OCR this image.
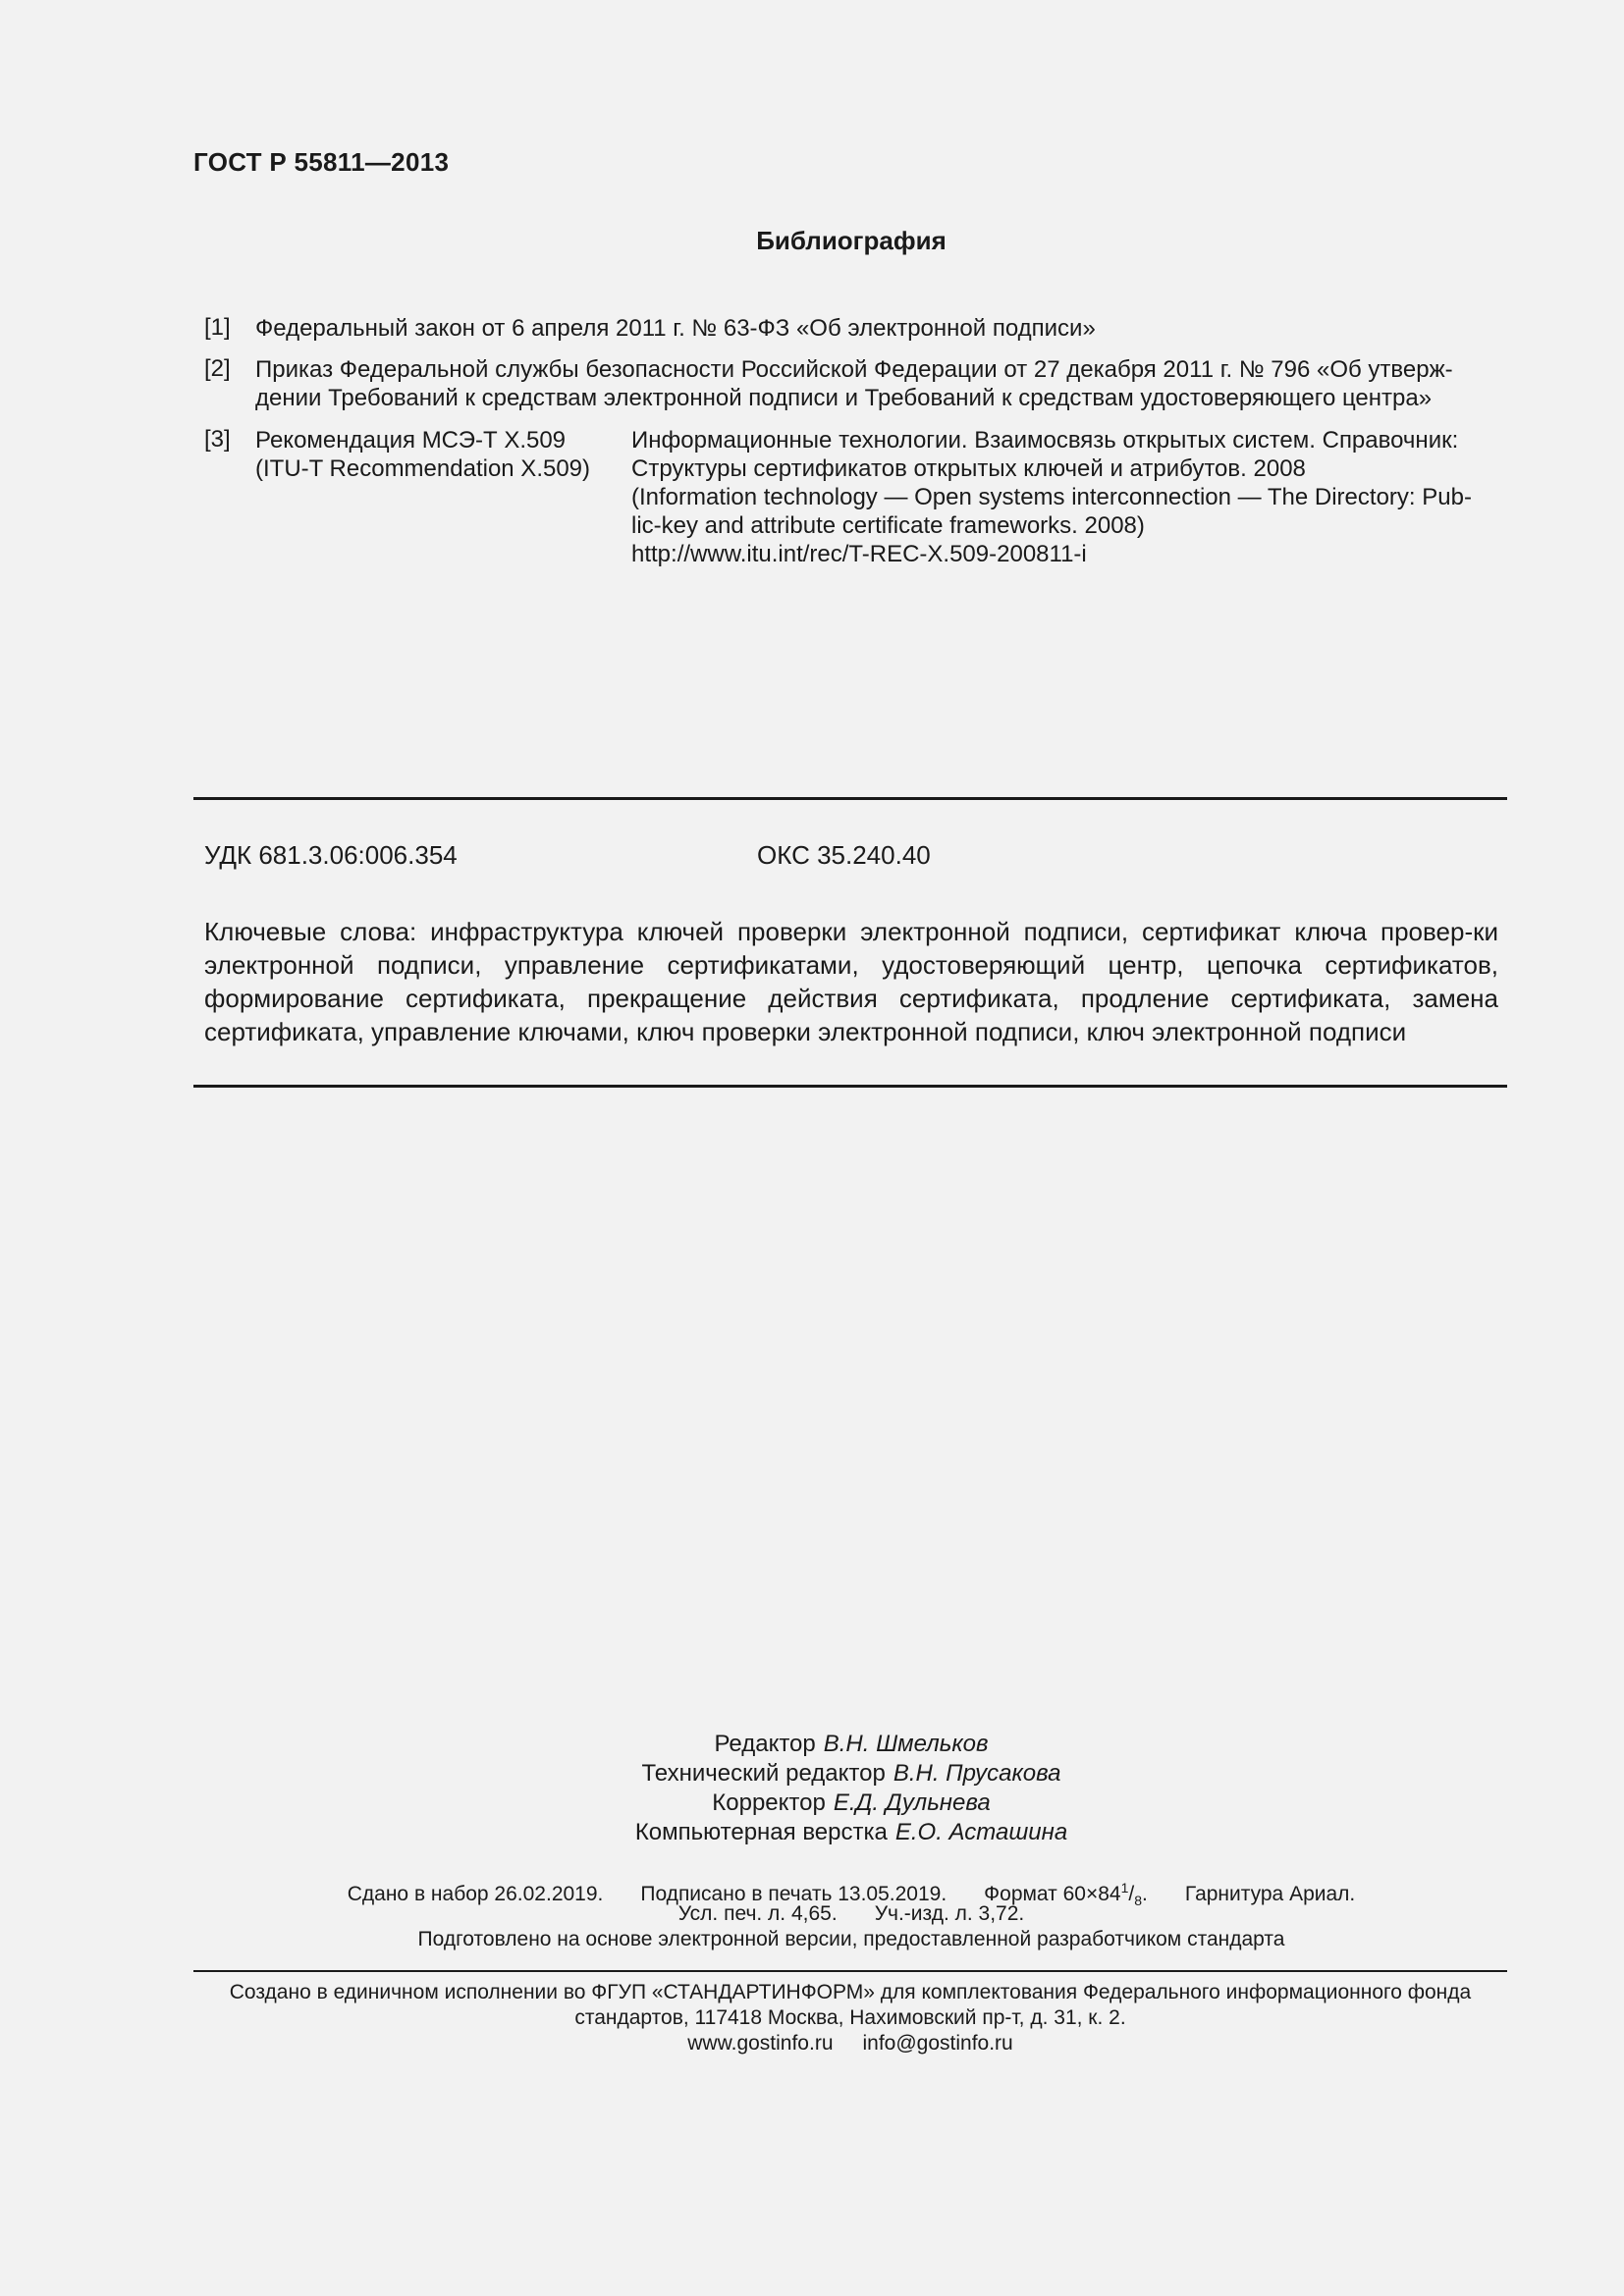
ГОСТ Р 55811—2013
Библиография
[1] Федеральный закон от 6 апреля 2011 г. № 63-ФЗ «Об электронной подписи»
[2] Приказ Федеральной службы безопасности Российской Федерации от 27 декабря 2011 г. № 796 «Об утверж-
дении Требований к средствам электронной подписи и Требований к средствам удостоверяющего центра»
[3] Рекомендация МСЭ-Т Х.509
(ITU-T Recommendation X.509)
Информационные технологии. Взаимосвязь открытых систем. Справочник:
Структуры сертификатов открытых ключей и атрибутов. 2008
(Information technology — Open systems interconnection — The Directory: Pub-
lic-key and attribute certificate frameworks. 2008)
http://www.itu.int/rec/T-REC-X.509-200811-i
УДК 681.3.06:006.354	ОКС 35.240.40
Ключевые слова: инфраструктура ключей проверки электронной подписи, сертификат ключа провер-ки электронной подписи, управление сертификатами, удостоверяющий центр, цепочка сертификатов, формирование сертификата, прекращение действия сертификата, продление сертификата, замена сертификата, управление ключами, ключ проверки электронной подписи, ключ электронной подписи
Редактор В.Н. Шмельков
Технический редактор В.Н. Прусакова
Корректор Е.Д. Дульнева
Компьютерная верстка Е.О. Асташина
Сдано в набор 26.02.2019. Подписано в печать 13.05.2019. Формат $60\times 84^1/_8$. Гарнитура Ариал.
Усл. печ. л. 4,65. Уч.-изд. л. 3,72.
Подготовлено на основе электронной версии, предоставленной разработчиком стандарта
Создано в единичном исполнении во ФГУП «СТАНДАРТИНФОРМ» для комплектования Федерального информационного фонда
стандартов, 117418 Москва, Нахимовский пр-т, д. 31, к. 2.
www.gostinfo.ru info@gostinfo.ru
